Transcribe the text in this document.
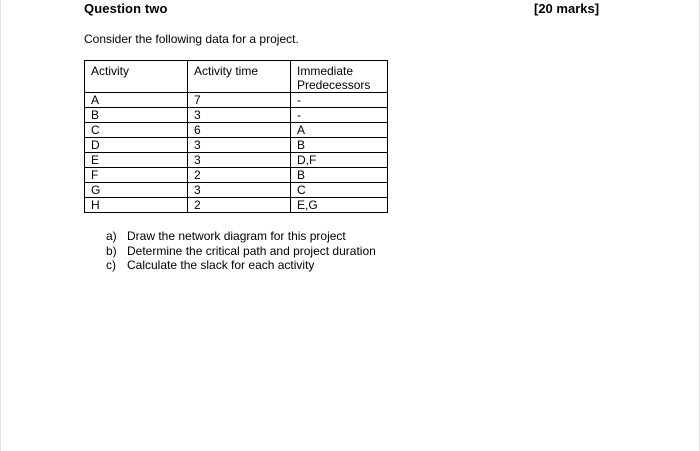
Question two	[20 marks]
Consider the following data for a project.
Activity	Activity time	Immediate Predecessors
A	7	-
B	3	-
C	6	A
D	3	B
E	3	D,F
F	2	B
G	3	C
H	2	E,G
a) Draw the network diagram for this project
b) Determine the critical path and project duration
c) Calculate the slack for each activity
